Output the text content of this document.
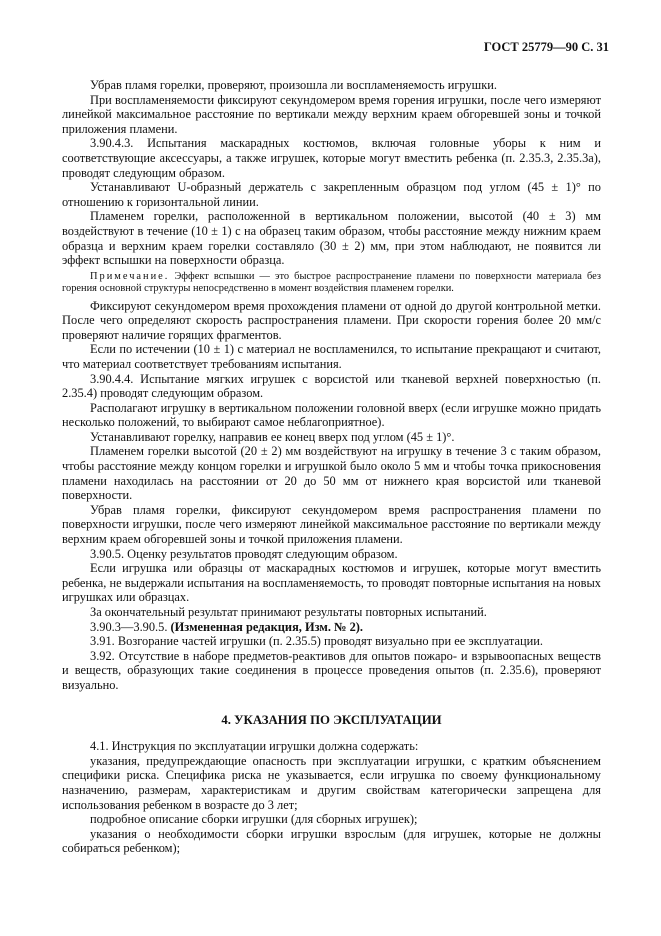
ГОСТ 25779—90 С. 31

Убрав пламя горелки, проверяют, произошла ли воспламеняемость игрушки.

При воспламеняемости фиксируют секундомером время горения игрушки, после чего измеряют линейкой максимальное расстояние по вертикали между верхним краем обгоревшей зоны и точкой приложения пламени.

3.90.4.3. Испытания маскарадных костюмов, включая головные уборы к ним и соответствующие аксессуары, а также игрушек, которые могут вместить ребенка (п. 2.35.3, 2.35.3а), проводят следующим образом.

Устанавливают U-образный держатель с закрепленным образцом под углом (45 ± 1)° по отношению к горизонтальной линии.

Пламенем горелки, расположенной в вертикальном положении, высотой (40 ± 3) мм воздействуют в течение (10 ± 1) с на образец таким образом, чтобы расстояние между нижним краем образца и верхним краем горелки составляло (30 ± 2) мм, при этом наблюдают, не появится ли эффект вспышки на поверхности образца.

Примечание. Эффект вспышки — это быстрое распространение пламени по поверхности материала без горения основной структуры непосредственно в момент воздействия пламенем горелки.

Фиксируют секундомером время прохождения пламени от одной до другой контрольной метки. После чего определяют скорость распространения пламени. При скорости горения более 20 мм/с проверяют наличие горящих фрагментов.

Если по истечении (10 ± 1) с материал не воспламенился, то испытание прекращают и считают, что материал соответствует требованиям испытания.

3.90.4.4. Испытание мягких игрушек с ворсистой или тканевой верхней поверхностью (п. 2.35.4) проводят следующим образом.

Располагают игрушку в вертикальном положении головной вверх (если игрушке можно придать несколько положений, то выбирают самое неблагоприятное).

Устанавливают горелку, направив ее конец вверх под углом (45 ± 1)°.

Пламенем горелки высотой (20 ± 2) мм воздействуют на игрушку в течение 3 с таким образом, чтобы расстояние между концом горелки и игрушкой было около 5 мм и чтобы точка прикосновения пламени находилась на расстоянии от 20 до 50 мм от нижнего края ворсистой или тканевой поверхности.

Убрав пламя горелки, фиксируют секундомером время распространения пламени по поверхности игрушки, после чего измеряют линейкой максимальное расстояние по вертикали между верхним краем обгоревшей зоны и точкой приложения пламени.

3.90.5. Оценку результатов проводят следующим образом.

Если игрушка или образцы от маскарадных костюмов и игрушек, которые могут вместить ребенка, не выдержали испытания на воспламеняемость, то проводят повторные испытания на новых игрушках или образцах.

За окончательный результат принимают результаты повторных испытаний.

3.90.3—3.90.5. (Измененная редакция, Изм. № 2).

3.91. Возгорание частей игрушки (п. 2.35.5) проводят визуально при ее эксплуатации.

3.92. Отсутствие в наборе предметов-реактивов для опытов пожаро- и взрывоопасных веществ и веществ, образующих такие соединения в процессе проведения опытов (п. 2.35.6), проверяют визуально.

4. УКАЗАНИЯ ПО ЭКСПЛУАТАЦИИ

4.1. Инструкция по эксплуатации игрушки должна содержать:

указания, предупреждающие опасность при эксплуатации игрушки, с кратким объяснением специфики риска. Специфика риска не указывается, если игрушка по своему функциональному назначению, размерам, характеристикам и другим свойствам категорически запрещена для использования ребенком в возрасте до 3 лет;

подробное описание сборки игрушки (для сборных игрушек);

указания о необходимости сборки игрушки взрослым (для игрушек, которые не должны собираться ребенком);
